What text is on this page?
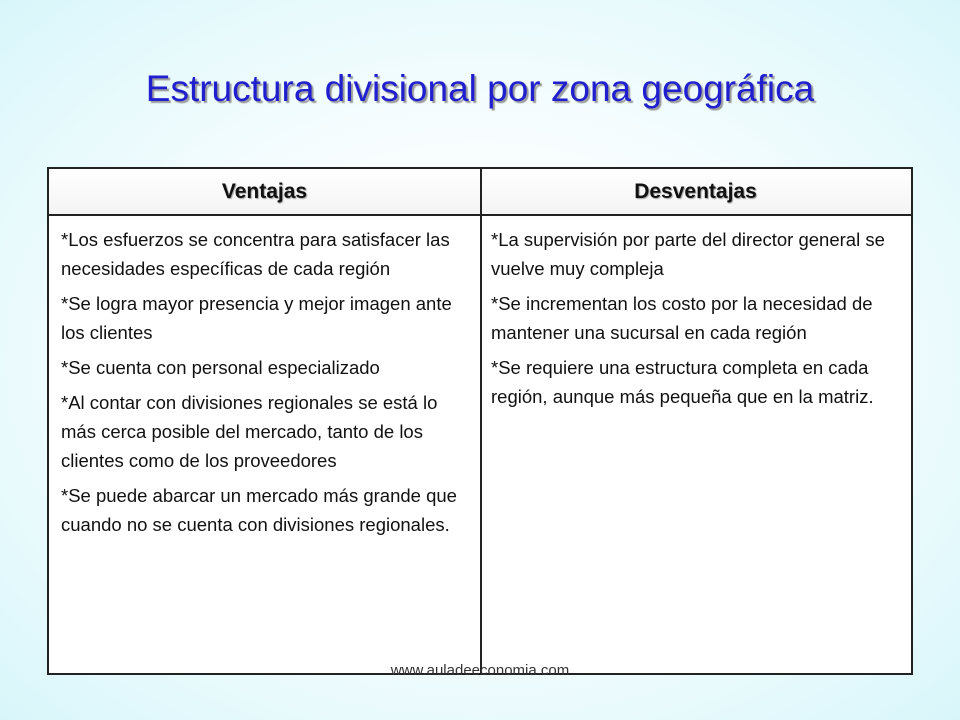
Estructura divisional por zona geográfica
Ventajas	Desventajas

*Los esfuerzos se concentra para satisfacer las necesidades específicas de cada región

*Se logra mayor presencia y mejor imagen ante los clientes

*Se cuenta con personal especializado

*Al contar con divisiones regionales se está lo más cerca posible del mercado, tanto de los clientes como de los proveedores

*Se puede abarcar un mercado más grande que cuando no se cuenta con divisiones regionales.

*La supervisión por parte del director general se vuelve muy compleja

*Se incrementan los costo por la necesidad de mantener una sucursal en cada región

*Se requiere una estructura completa en cada región, aunque más pequeña que en la matriz.

www.auladeeconomia.com
